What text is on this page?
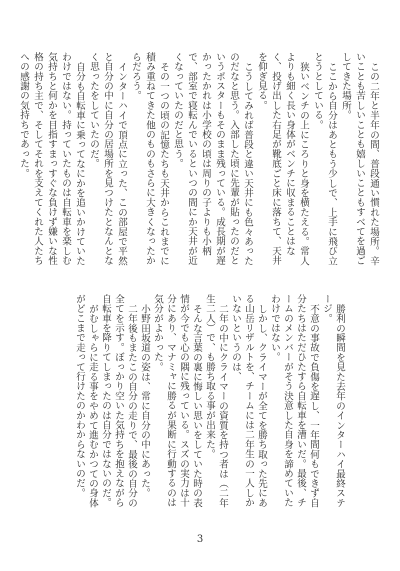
この二年と半年の間、普段通い慣れた場所。辛いことも苦しいことも嬉しいこともすべてを過ごしてきた場所。

ここから自分はあともう少しで、上手に飛び立とうとしている。

狭いベンチの上にころりと身を横たえる。常人よりも細く長い身体がベンチに収まることはなく、投げ出した右足が靴底ごと床に落ちて、天井を仰ぎ見る。

こうしてみれば普段と違い天井にも色々あったのだなと思う。入部した頃に先輩が貼ったのだというポスターもそのまま残っている。成長期が遅かったかれは小学校の頃は周りの子よりも小柄で、部室で寝転んでいるといつの間にか天井が近くなっていたのだと思う。

その一つの頃の記憶たちも天井からこれまでに積み重ねてきた他のものもさらに大きくなったからだろう。

インターハイで頂点に立った、この部屋で平然と自分の中に自分の居場所を見つけたとなんとなく思ったをしていたのだ。

自分も自転車に乗ってなにかを追いかけていたわけではない。持っていたものは自転車を楽しむ気持ちと何かを目指すまっすぐな負けず嫌いな性格の持ち主で、そしてそれを支えてくれた人たちへの感謝の気持ちであった。

勝利の瞬間を見た去年のインターハイ最終ステージ。

不意の事故で負傷を遅し、一年間何もできず自分たちはただひたすら自転車を漕いだ。最後、チームのメンバーがそう決意した自身を諦めていたわけではない。

しかし、クライマーが全てを勝ち取った先にある山岳リザルトを、チームには二年生の一人しかいないというのは、

二年の中にクライマーの資質を持つ者は（二年生二人）で、も勝ち取る事が出来た。

そんな言葉の裏に悔しい思いをしていた時の表情が今でも心の隅に残っている。スズの実力は十分にあり、マナミャに勝るが果断に行動するのは気分がよかった。

小野田坂道の姿は、常に自分の中にあった。

二年後もまたこの自分の走りで、最後の自分の全てを示す。ぼっかり空いた気持ちを抱えながら自転車を降りてしまったのは自分ではないのだ。

がむしゃらに走る事をやめて進むかつての身体がどこまで走って行けたのかわからないのだ。

3
